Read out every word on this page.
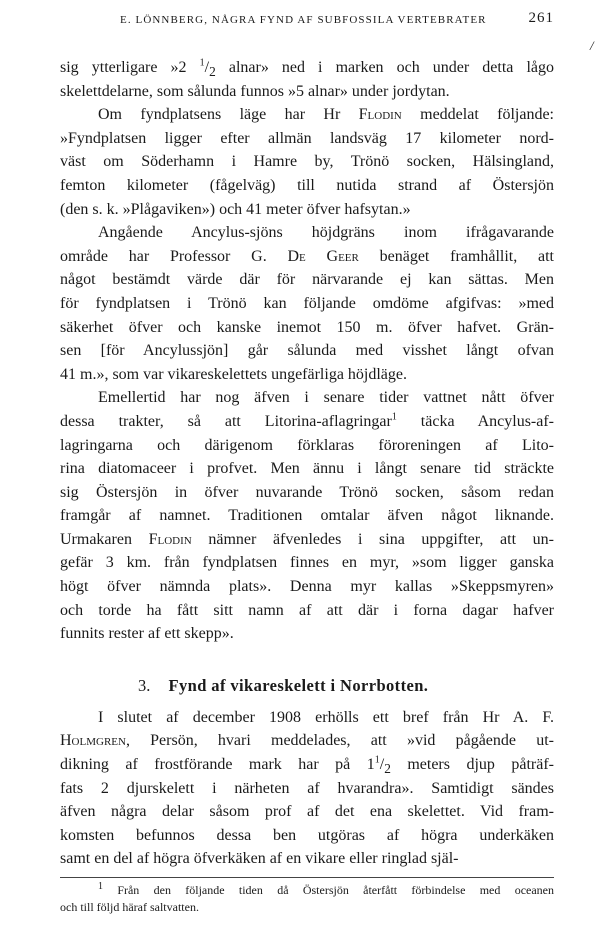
E. LÖNNBERG, NÅGRA FYND AF SUBFOSSILA VERTEBRATER	261
/
sig ytterligare »2 $^1/_2$ alnar» ned i marken och under detta lågo
skelettdelarne, som sålunda funnos »5 alnar» under jordytan.
Om fyndplatsens läge har Hr Flodin meddelat följande:
»Fyndplatsen ligger efter allmän landsväg 17 kilometer nord-
väst om Söderhamn i Hamre by, Trönö socken, Hälsingland,
femton kilometer (fågelväg) till nutida strand af Östersjön
(den s. k. »Plågaviken») och 41 meter öfver hafsytan.»
Angående Ancylus-sjöns höjdgräns inom ifrågavarande
område har Professor G. De Geer benäget framhållit, att
något bestämdt värde där för närvarande ej kan sättas. Men
för fyndplatsen i Trönö kan följande omdöme afgifvas: »med
säkerhet öfver och kanske inemot 150 m. öfver hafvet. Grän-
sen [för Ancylussjön] går sålunda med visshet långt ofvan
41 m.», som var vikareskelettets ungefärliga höjdläge.
Emellertid har nog äfven i senare tider vattnet nått öfver
dessa trakter, så att Litorina-aflagringar$^1$ täcka Ancylus-af-
lagringarna och därigenom förklaras föroreningen af Lito-
rina diatomaceer i profvet. Men ännu i långt senare tid sträckte
sig Östersjön in öfver nuvarande Trönö socken, såsom redan
framgår af namnet. Traditionen omtalar äfven något liknande.
Urmakaren Flodin nämner äfvenledes i sina uppgifter, att un-
gefär 3 km. från fyndplatsen finnes en myr, »som ligger ganska
högt öfver nämnda plats». Denna myr kallas »Skeppsmyren»
och torde ha fått sitt namn af att där i forna dagar hafver
funnits rester af ett skepp».
3. Fynd af vikareskelett i Norrbotten.
I slutet af december 1908 erhölls ett bref från Hr A. F.
Holmgren, Persön, hvari meddelades, att »vid pågående ut-
dikning af frostförande mark har på $1^1/_2$ meters djup påträf-
fats 2 djurskelett i närheten af hvarandra». Samtidigt sändes
äfven några delar såsom prof af det ena skelettet. Vid fram-
komsten befunnos dessa ben utgöras af högra underkäken
samt en del af högra öfverkäken af en vikare eller ringlad själ-
$^1$ Från den följande tiden då Östersjön återfått förbindelse med oceanen
och till följd häraf saltvatten.
